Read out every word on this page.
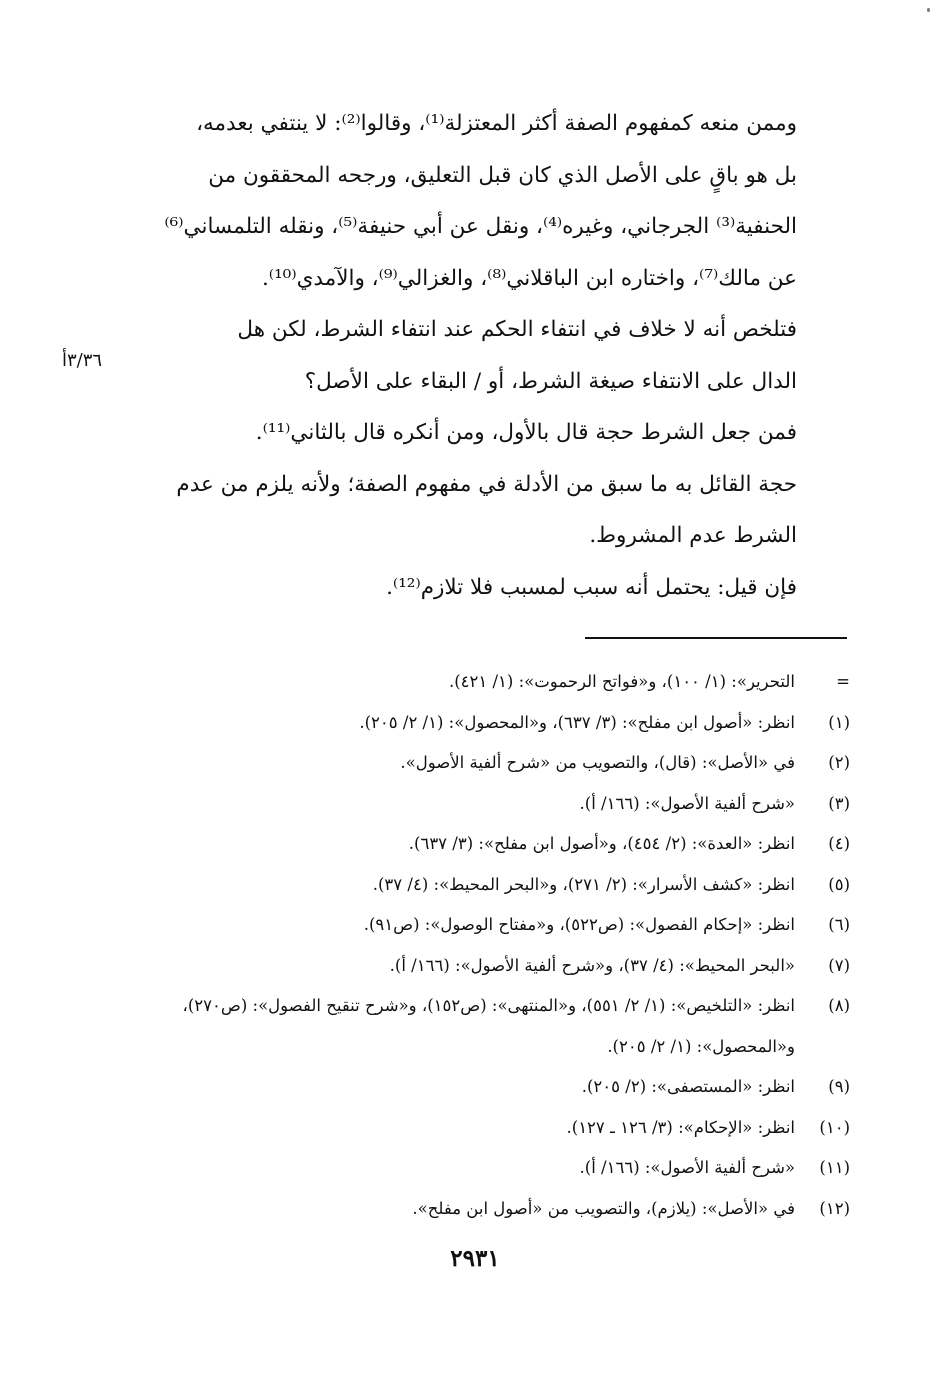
وممن منعه كمفهوم الصفة أكثر المعتزلة⁽¹⁾، وقالوا⁽²⁾: لا ينتفي بعدمه،
بل هو باقٍ على الأصل الذي كان قبل التعليق، ورجحه المحققون من
الحنفية⁽³⁾ الجرجاني، وغيره⁽⁴⁾، ونقل عن أبي حنيفة⁽⁵⁾، ونقله التلمساني⁽⁶⁾
عن مالك⁽⁷⁾، واختاره ابن الباقلاني⁽⁸⁾، والغزالي⁽⁹⁾، والآمدي⁽¹⁰⁾.

فتلخص أنه لا خلاف في انتفاء الحكم عند انتفاء الشرط، لكن هل
الدال على الانتفاء صيغة الشرط، أو / البقاء على الأصل؟

فمن جعل الشرط حجة قال بالأول، ومن أنكره قال بالثاني⁽¹¹⁾.

حجة القائل به ما سبق من الأدلة في مفهوم الصفة؛ ولأنه يلزم من عدم
الشرط عدم المشروط.

فإن قيل: يحتمل أنه سبب لمسبب فلا تلازم⁽¹²⁾.

٣/٣٦أ
=
التحرير»: (١/ ١٠٠)، و«فواتح الرحموت»: (١/ ٤٢١).
(١)
انظر: «أصول ابن مفلح»: (٣/ ٦٣٧)، و«المحصول»: (١/ ٢/ ٢٠٥).
(٢)
في «الأصل»: (قال)، والتصويب من «شرح ألفية الأصول».
(٣)
«شرح ألفية الأصول»: (١٦٦/ أ).
(٤)
انظر: «العدة»: (٢/ ٤٥٤)، و«أصول ابن مفلح»: (٣/ ٦٣٧).
(٥)
انظر: «كشف الأسرار»: (٢/ ٢٧١)، و«البحر المحيط»: (٤/ ٣٧).
(٦)
انظر: «إحكام الفصول»: (ص٥٢٢)، و«مفتاح الوصول»: (ص٩١).
(٧)
«البحر المحيط»: (٤/ ٣٧)، و«شرح ألفية الأصول»: (١٦٦/ أ).
(٨)
انظر: «التلخيص»: (١/ ٢/ ٥٥١)، و«المنتهى»: (ص١٥٢)، و«شرح تنقيح الفصول»: (ص٢٧٠)، و«المحصول»: (١/ ٢/ ٢٠٥).
(٩)
انظر: «المستصفى»: (٢/ ٢٠٥).
(١٠)
انظر: «الإحكام»: (٣/ ١٢٦ ـ ١٢٧).
(١١)
«شرح ألفية الأصول»: (١٦٦/ أ).
(١٢)
في «الأصل»: (يلازم)، والتصويب من «أصول ابن مفلح».
٢٩٣١
